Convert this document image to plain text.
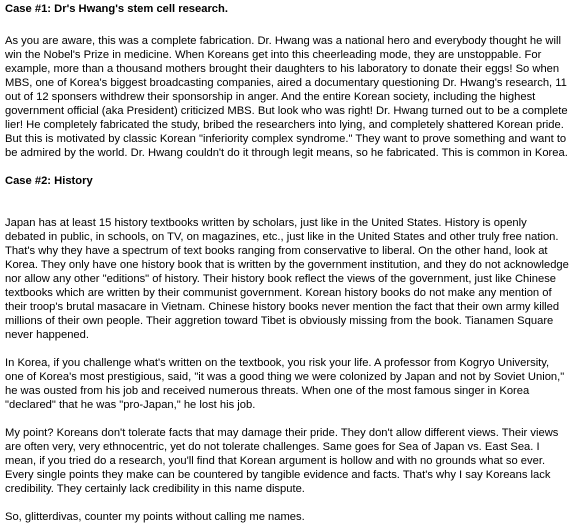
Case #1: Dr's Hwang's stem cell research.

As you are aware, this was a complete fabrication. Dr. Hwang was a national hero and everybody thought he will win the Nobel's Prize in medicine. When Koreans get into this cheerleading mode, they are unstoppable. For example, more than a thousand mothers brought their daughters to his laboratory to donate their eggs! So when MBS, one of Korea's biggest broadcasting companies, aired a documentary questioning Dr. Hwang's research, 11 out of 12 sponsers withdrew their sponsorship in anger. And the entire Korean society, including the highest government official (aka President) criticized MBS. But look who was right! Dr. Hwang turned out to be a complete lier! He completely fabricated the study, bribed the researchers into lying, and completely shattered Korean pride. But this is motivated by classic Korean "inferiority complex syndrome." They want to prove something and want to be admired by the world. Dr. Hwang couldn't do it through legit means, so he fabricated. This is common in Korea.

Case #2: History

Japan has at least 15 history textbooks written by scholars, just like in the United States. History is openly debated in public, in schools, on TV, on magazines, etc., just like in the United States and other truly free nation. That's why they have a spectrum of text books ranging from conservative to liberal. On the other hand, look at Korea. They only have one history book that is written by the government institution, and they do not acknowledge nor allow any other "editions" of history. Their history book reflect the views of the government, just like Chinese textbooks which are written by their communist government. Korean history books do not make any mention of their troop's brutal masacare in Vietnam. Chinese history books never mention the fact that their own army killed millions of their own people. Their aggretion toward Tibet is obviously missing from the book. Tianamen Square never happened.

In Korea, if you challenge what's written on the textbook, you risk your life. A professor from Kogryo University, one of Korea's most prestigious, said, "it was a good thing we were colonized by Japan and not by Soviet Union," he was ousted from his job and received numerous threats. When one of the most famous singer in Korea "declared" that he was "pro-Japan," he lost his job.

My point? Koreans don't tolerate facts that may damage their pride. They don't allow different views. Their views are often very, very ethnocentric, yet do not tolerate challenges. Same goes for Sea of Japan vs. East Sea. I mean, if you tried do a research, you'll find that Korean argument is hollow and with no grounds what so ever. Every single points they make can be countered by tangible evidence and facts. That's why I say Koreans lack credibility. They certainly lack credibility in this name dispute.

So, glitterdivas, counter my points without calling me names.
